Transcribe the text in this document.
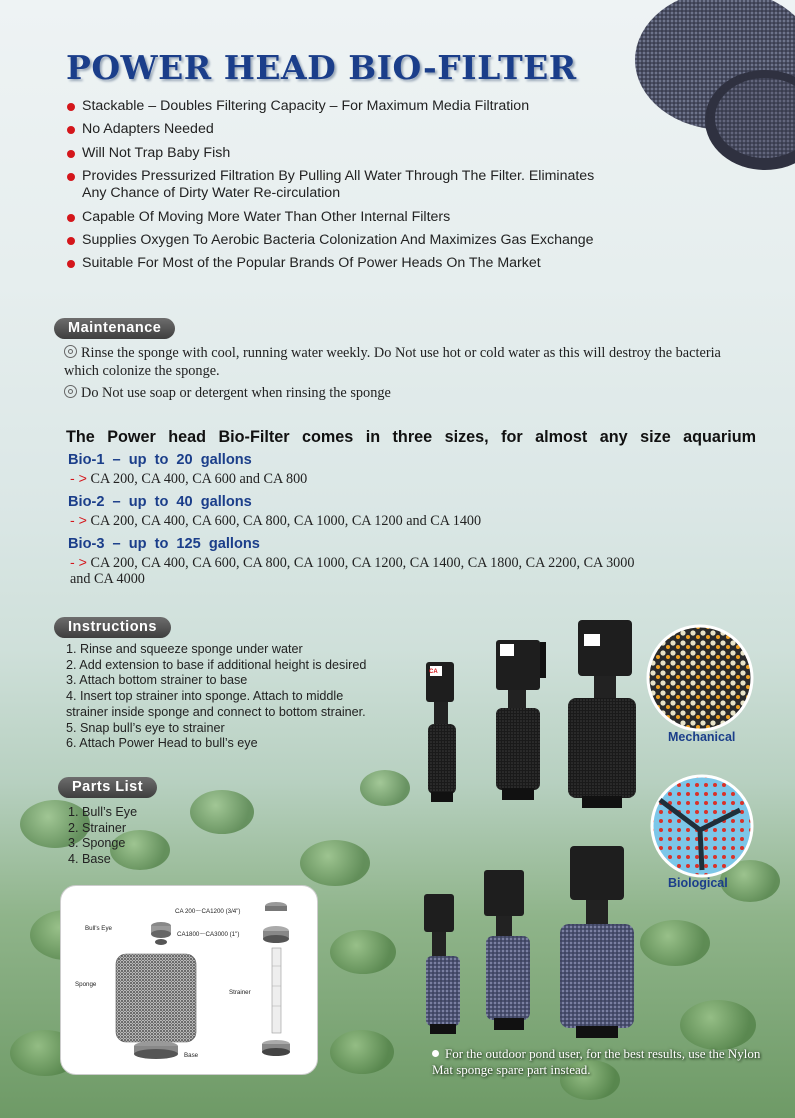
POWER HEAD BIO-FILTER
Stackable – Doubles Filtering Capacity – For Maximum Media Filtration
No Adapters Needed
Will Not Trap Baby Fish
Provides Pressurized Filtration By Pulling All Water Through The Filter. Eliminates Any Chance of Dirty Water Re-circulation
Capable Of Moving More Water Than Other Internal Filters
Supplies Oxygen To Aerobic Bacteria Colonization And Maximizes Gas Exchange
Suitable For Most of the Popular Brands Of Power Heads On The Market
Maintenance
Rinse the sponge with cool, running water weekly. Do Not use hot or cold water as this will destroy the bacteria which colonize the sponge.
Do Not use soap or detergent when rinsing the sponge
The Power head Bio-Filter comes in three sizes, for almost any size aquarium
Bio-1 – up to 20 gallons
- > CA 200, CA 400, CA 600 and CA 800
Bio-2 – up to 40 gallons
- > CA 200, CA 400, CA 600, CA 800, CA 1000, CA 1200 and CA 1400
Bio-3 – up to 125 gallons
- > CA 200, CA 400, CA 600, CA 800, CA 1000, CA 1200, CA 1400, CA 1800, CA 2200, CA 3000 and CA 4000
Instructions
1. Rinse and squeeze sponge under water
2. Add extension to base if additional height is desired
3. Attach bottom strainer to base
4. Insert top strainer into sponge. Attach to middle strainer inside sponge and connect to bottom strainer.
5. Snap bull’s eye to strainer
6. Attach Power Head to bull’s eye
Parts List
1. Bull’s Eye
2. Strainer
3. Sponge
4. Base
Bull's Eye
Sponge
Strainer
Base
CA 200～CA1200 (3/4")
CA1800～CA3000 (1")
CA
Mechanical
Biological
For the outdoor pond user, for the best results, use the Nylon Mat sponge spare part instead.
